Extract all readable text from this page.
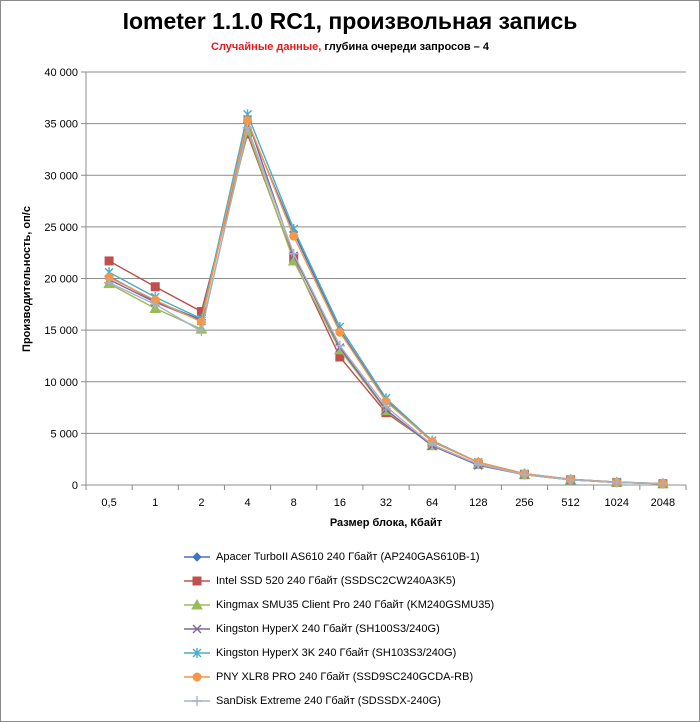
Iometer 1.1.0 RC1, произвольная запись
Случайные данные, глубина очереди запросов – 4
0
5 000
10 000
15 000
20 000
25 000
30 000
35 000
40 000
0,5	1	2	4	8	16	32	64	128	256	512 1024 2048
Размер блока, Кбайт
Производительность, оп/с
Apacer TurboII AS610 240 Гбайт (AP240GAS610B-1)
Intel SSD 520 240 Гбайт (SSDSC2CW240A3K5)
Kingmax SMU35 Client Pro 240 Гбайт (KM240GSMU35)
Kingston HyperX 240 Гбайт (SH100S3/240G)
Kingston HyperX 3K 240 Гбайт (SH103S3/240G)
PNY XLR8 PRO 240 Гбайт (SSD9SC240GCDA-RB)
SanDisk Extreme 240 Гбайт (SDSSDX-240G)
